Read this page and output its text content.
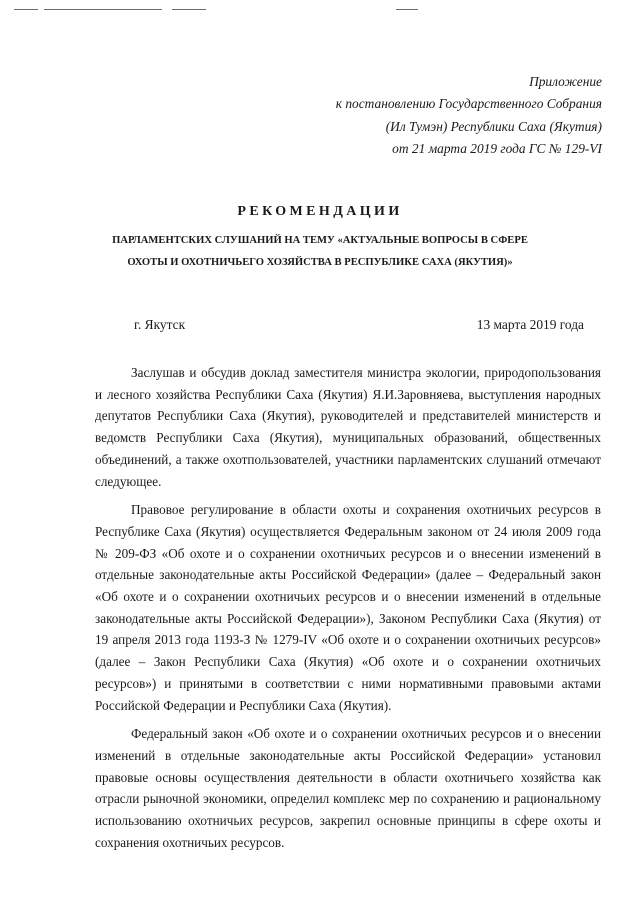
Приложение
к постановлению Государственного Собрания
(Ил Тумэн) Республики Саха (Якутия)
от 21 марта 2019 года ГС № 129-VI
РЕКОМЕНДАЦИИ
ПАРЛАМЕНТСКИХ СЛУШАНИЙ НА ТЕМУ «АКТУАЛЬНЫЕ ВОПРОСЫ В СФЕРЕ
ОХОТЫ И ОХОТНИЧЬЕГО ХОЗЯЙСТВА В РЕСПУБЛИКЕ САХА (ЯКУТИЯ)»
г. Якутск	13 марта 2019 года

Заслушав и обсудив доклад заместителя министра экологии, природопользования и лесного хозяйства Республики Саха (Якутия) Я.И.Заровняева, выступления народных депутатов Республики Саха (Якутия), руководителей и представителей министерств и ведомств Республики Саха (Якутия), муниципальных образований, общественных объединений, а также охотпользователей, участники парламентских слушаний отмечают следующее.

Правовое регулирование в области охоты и сохранения охотничьих ресурсов в Республике Саха (Якутия) осуществляется Федеральным законом от 24 июля 2009 года № 209-ФЗ «Об охоте и о сохранении охотничьих ресурсов и о внесении изменений в отдельные законодательные акты Российской Федерации» (далее – Федеральный закон «Об охоте и о сохранении охотничьих ресурсов и о внесении изменений в отдельные законодательные акты Российской Федерации»), Законом Республики Саха (Якутия) от 19 апреля 2013 года 1193-З № 1279-IV «Об охоте и о сохранении охотничьих ресурсов» (далее – Закон Республики Саха (Якутия) «Об охоте и о сохранении охотничьих ресурсов») и принятыми в соответствии с ними нормативными правовыми актами Российской Федерации и Республики Саха (Якутия).

Федеральный закон «Об охоте и о сохранении охотничьих ресурсов и о внесении изменений в отдельные законодательные акты Российской Федерации» установил правовые основы осуществления деятельности в области охотничьего хозяйства как отрасли рыночной экономики, определил комплекс мер по сохранению и рациональному использованию охотничьих ресурсов, закрепил основные принципы в сфере охоты и сохранения охотничьих ресурсов.
